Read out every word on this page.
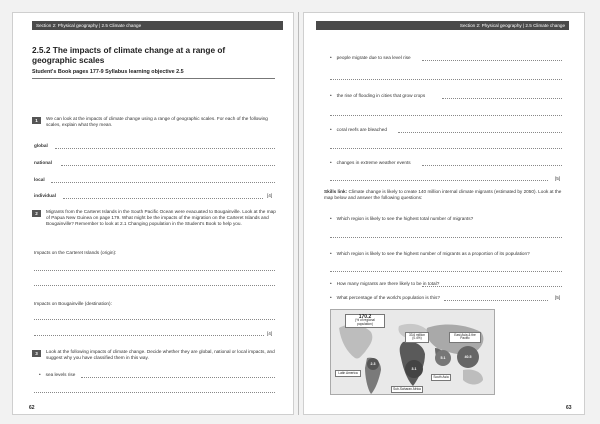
Section 2: Physical geography | 2.5 Climate change
2.5.2 The impacts of climate change at a range of geographic scales
Student's Book pages 177-9 Syllabus learning objective 2.5
1	We can look at the impacts of climate change using a range of geographic scales. For each of the following scales, explain what they mean.
global
national
local
individual	[4]
2	Migrants from the Carteret Islands in the South Pacific Ocean were evacuated to Bougainville. Look at the map of Papua New Guinea on page 179. What might be the impacts of the migration on the Carteret Islands and Bougainville? Remember to look at 2.1 Changing population in the Student's Book to help you.
Impacts on the Carteret Islands (origin):
Impacts on Bougainville (destination):
[4]
3	Look at the following impacts of climate change. Decide whether they are global, national or local impacts, and suggest why you have classified them in this way.
• sea levels rise
62
Section 2: Physical geography | 2.5 Climate change
• people migrate due to sea level rise
• the rise of flooding in cities that grow crops
• coral reefs are bleached
• changes in extreme weather events
[5]
Skills link: Climate change is likely to create 140 million internal climate migrants (estimated by 2050). Look at the map below and answer the following questions:
• Which region is likely to see the highest total number of migrants?
• Which region is likely to see the highest number of migrants as a proportion of its population?
• How many migrants are there likely to be in total?
• What percentage of the world's population is this?	[5]
170.2
(% of regional population)
33.6 million (0.4%)
East Asia & the Pacific
Latin America
Sub-Saharan Africa
South Asia
2.3
3.1
5.1	40.5
63
